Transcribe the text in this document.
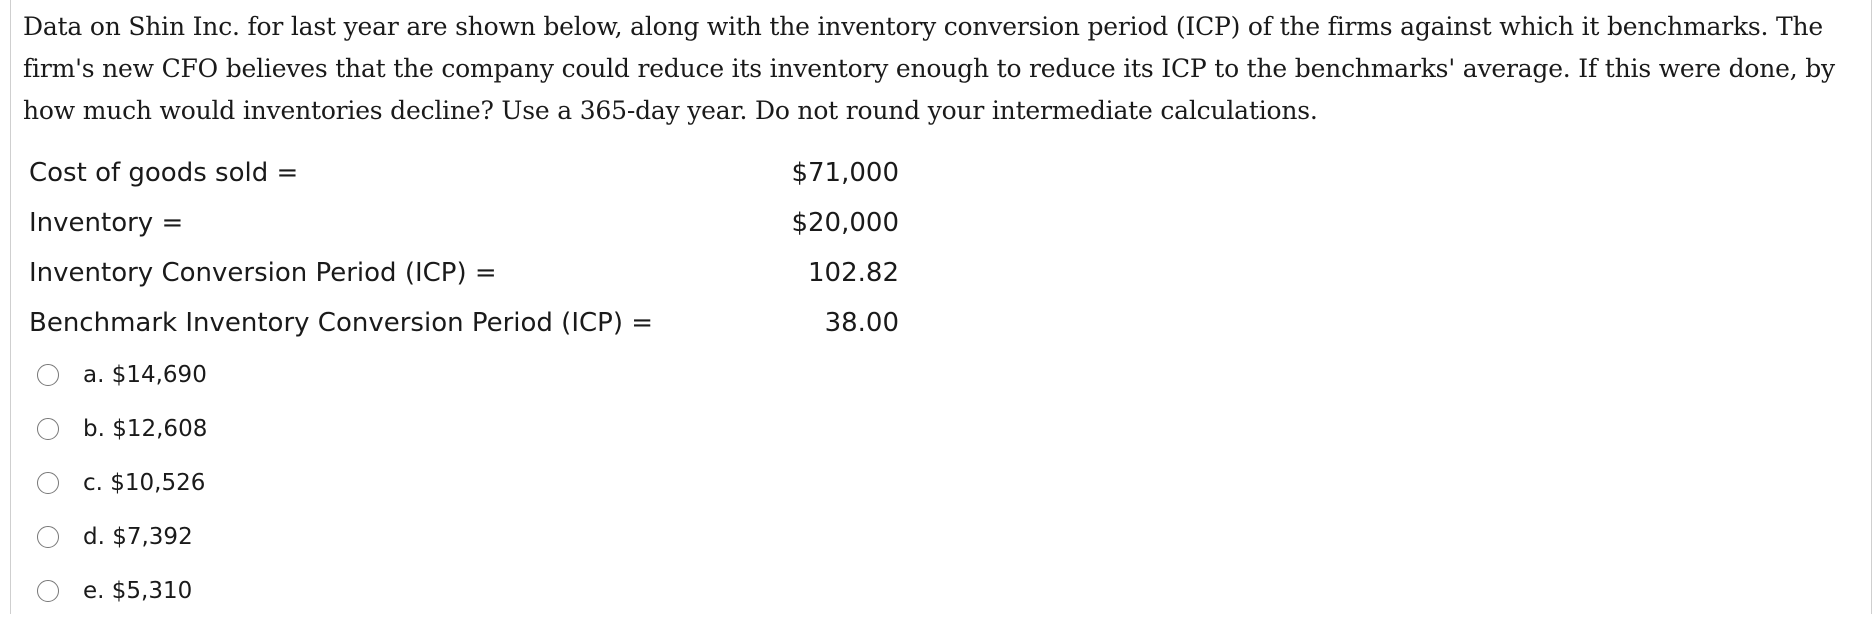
Data on Shin Inc. for last year are shown below, along with the inventory conversion period (ICP) of the firms against which it benchmarks. The firm's new CFO believes that the company could reduce its inventory enough to reduce its ICP to the benchmarks' average. If this were done, by how much would inventories decline? Use a 365-day year. Do not round your intermediate calculations.

Cost of goods sold =	$71,000
Inventory =	$20,000
Inventory Conversion Period (ICP) =	102.82
Benchmark Inventory Conversion Period (ICP) =	38.00
a. $14,690
b. $12,608
c. $10,526
d. $7,392
e. $5,310
